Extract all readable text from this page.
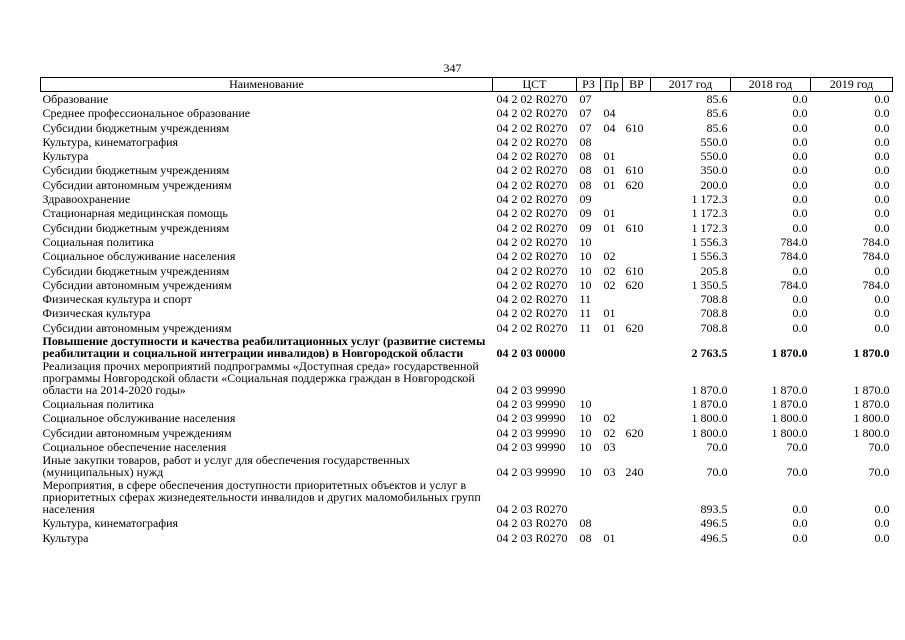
347
Наименование	ЦСТ	РЗ	Пр	ВР	2017 год	2018 год	2019 год
Образование	04 2 02 R0270	07			85.6	0.0	0.0
Среднее профессиональное образование	04 2 02 R0270	07	04		85.6	0.0	0.0
Субсидии бюджетным учреждениям	04 2 02 R0270	07	04	610	85.6	0.0	0.0
Культура, кинематография	04 2 02 R0270	08			550.0	0.0	0.0
Культура	04 2 02 R0270	08	01		550.0	0.0	0.0
Субсидии бюджетным учреждениям	04 2 02 R0270	08	01	610	350.0	0.0	0.0
Субсидии автономным учреждениям	04 2 02 R0270	08	01	620	200.0	0.0	0.0
Здравоохранение	04 2 02 R0270	09			1 172.3	0.0	0.0
Стационарная медицинская помощь	04 2 02 R0270	09	01		1 172.3	0.0	0.0
Субсидии бюджетным учреждениям	04 2 02 R0270	09	01	610	1 172.3	0.0	0.0
Социальная политика	04 2 02 R0270	10			1 556.3	784.0	784.0
Социальное обслуживание населения	04 2 02 R0270	10	02		1 556.3	784.0	784.0
Субсидии бюджетным учреждениям	04 2 02 R0270	10	02	610	205.8	0.0	0.0
Субсидии автономным учреждениям	04 2 02 R0270	10	02	620	1 350.5	784.0	784.0
Физическая культура и спорт	04 2 02 R0270	11			708.8	0.0	0.0
Физическая культура	04 2 02 R0270	11	01		708.8	0.0	0.0
Субсидии автономным учреждениям	04 2 02 R0270	11	01	620	708.8	0.0	0.0
Повышение доступности и качества реабилитационных услуг (развитие системы реабилитации и социальной интеграции инвалидов) в Новгородской области	04 2 03 00000				2 763.5	1 870.0	1 870.0
Реализация прочих мероприятий подпрограммы «Доступная среда» государственной программы Новгородской области «Социальная поддержка граждан в Новгородской области на 2014-2020 годы»	04 2 03 99990				1 870.0	1 870.0	1 870.0
Социальная политика	04 2 03 99990	10			1 870.0	1 870.0	1 870.0
Социальное обслуживание населения	04 2 03 99990	10	02		1 800.0	1 800.0	1 800.0
Субсидии автономным учреждениям	04 2 03 99990	10	02	620	1 800.0	1 800.0	1 800.0
Социальное обеспечение населения	04 2 03 99990	10	03		70.0	70.0	70.0
Иные закупки товаров, работ и услуг для обеспечения государственных (муниципальных) нужд	04 2 03 99990	10	03	240	70.0	70.0	70.0
Мероприятия, в сфере обеспечения доступности приоритетных объектов и услуг в приоритетных сферах жизнедеятельности инвалидов и других маломобильных групп населения	04 2 03 R0270				893.5	0.0	0.0
Культура, кинематография	04 2 03 R0270	08			496.5	0.0	0.0
Культура	04 2 03 R0270	08	01		496.5	0.0	0.0
